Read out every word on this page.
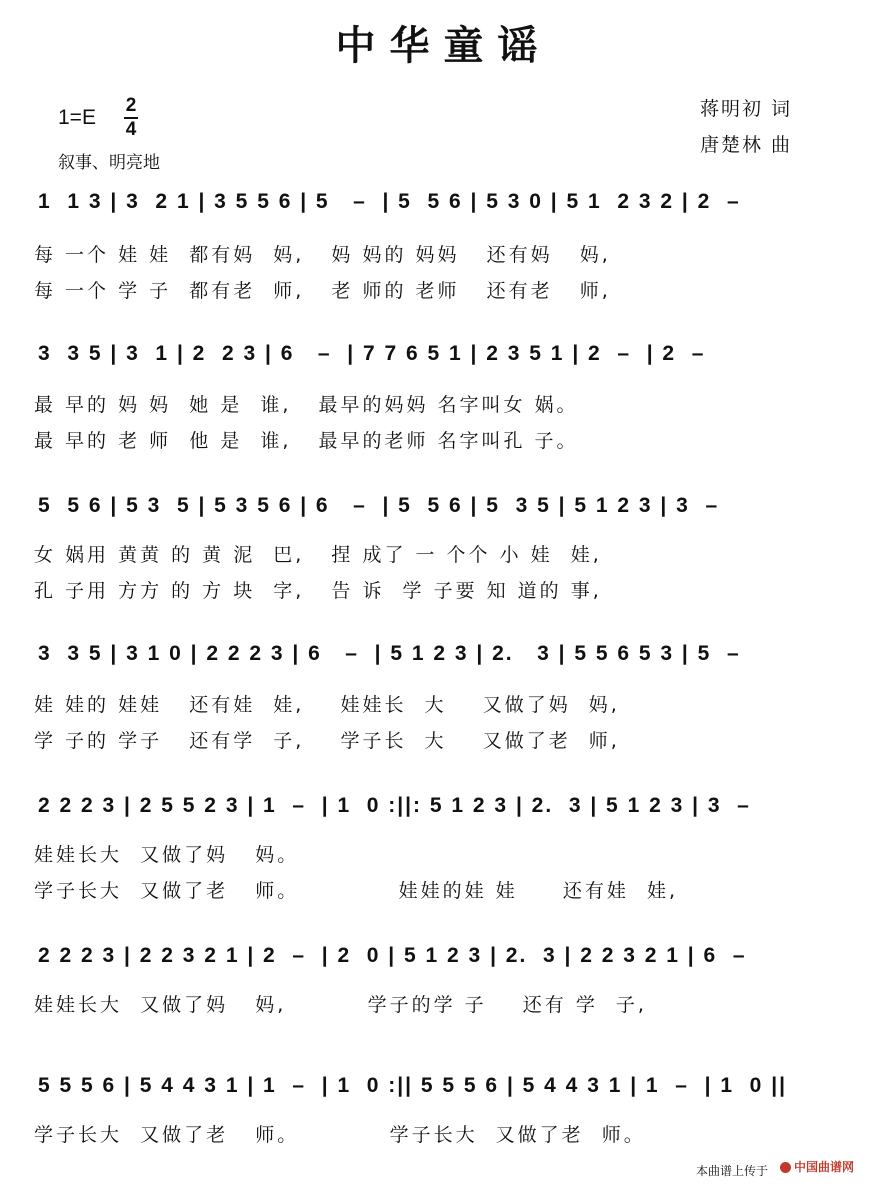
中华童谣
1=E
2
4
叙事、明亮地
蒋明初 词
唐楚林 曲
1  1 3 | 3  2 1 | 3 5 5 6 | 5   –  | 5  5 6 | 5 3 0 | 5 1  2 3 2 | 2  –
每 一个 娃 娃  都有妈  妈,   妈 妈的 妈妈   还有妈   妈,
每 一个 学 子  都有老  师,   老 师的 老师   还有老   师,
3  3 5 | 3  1 | 2  2 3 | 6   –  | 7 7 6 5 1 | 2 3 5 1 | 2  –  | 2  –
最 早的 妈 妈  她 是  谁,   最早的妈妈 名字叫女 娲。
最 早的 老 师  他 是  谁,   最早的老师 名字叫孔 子。
5  5 6 | 5 3  5 | 5 3 5 6 | 6   –  | 5  5 6 | 5  3 5 | 5 1 2 3 | 3  –
女 娲用 黄黄 的 黄 泥  巴,   捏 成了 一 个个 小 娃  娃,
孔 子用 方方 的 方 块  字,   告 诉  学 子要 知 道的 事,
3  3 5 | 3 1 0 | 2 2 2 3 | 6   –  | 5 1 2 3 | 2.   3 | 5 5 6 5 3 | 5  –
娃 娃的 娃娃   还有娃  娃,    娃娃长  大    又做了妈  妈,
学 子的 学子   还有学  子,    学子长  大    又做了老  师,
2 2 2 3 | 2 5 5 2 3 | 1  –  | 1  0 :||: 5 1 2 3 | 2.  3 | 5 1 2 3 | 3  –
娃娃长大  又做了妈   妈。
学子长大  又做了老   师。           娃娃的娃 娃     还有娃  娃,
2 2 2 3 | 2 2 3 2 1 | 2  –  | 2  0 | 5 1 2 3 | 2.  3 | 2 2 3 2 1 | 6  –
娃娃长大  又做了妈   妈,         学子的学 子    还有 学  子,
5 5 5 6 | 5 4 4 3 1 | 1  –  | 1  0 :|| 5 5 5 6 | 5 4 4 3 1 | 1  –  | 1  0 ||
学子长大  又做了老   师。          学子长大  又做了老  师。
本曲谱上传于	中国曲谱网
